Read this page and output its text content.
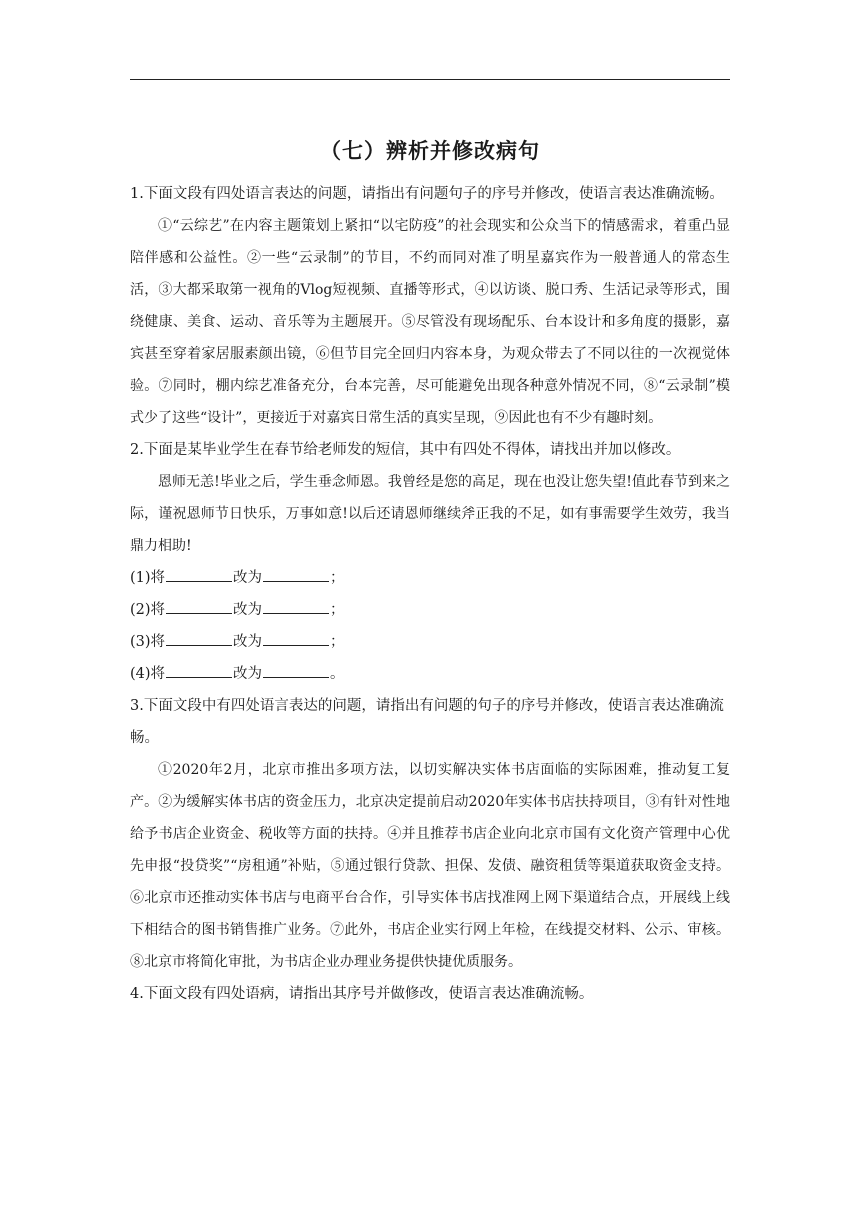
（七）辨析并修改病句

1.下面文段有四处语言表达的问题，请指出有问题句子的序号并修改，使语言表达准确流畅。

①“云综艺”在内容主题策划上紧扣“以宅防疫”的社会现实和公众当下的情感需求，着重凸显陪伴感和公益性。②一些“云录制”的节目，不约而同对准了明星嘉宾作为一般普通人的常态生活，③大都采取第一视角的Vlog短视频、直播等形式，④以访谈、脱口秀、生活记录等形式，围绕健康、美食、运动、音乐等为主题展开。⑤尽管没有现场配乐、台本设计和多角度的摄影，嘉宾甚至穿着家居服素颜出镜，⑥但节目完全回归内容本身，为观众带去了不同以往的一次视觉体验。⑦同时，棚内综艺准备充分，台本完善，尽可能避免出现各种意外情况不同，⑧“云录制”模式少了这些“设计”，更接近于对嘉宾日常生活的真实呈现，⑨因此也有不少有趣时刻。

2.下面是某毕业学生在春节给老师发的短信，其中有四处不得体，请找出并加以修改。

恩师无恙!毕业之后，学生垂念师恩。我曾经是您的高足，现在也没让您失望!值此春节到来之际，谨祝恩师节日快乐，万事如意!以后还请恩师继续斧正我的不足，如有事需要学生效劳，我当鼎力相助!

(1)将	改为	；

(2)将	改为	；

(3)将	改为	；

(4)将	改为	。

3.下面文段中有四处语言表达的问题，请指出有问题的句子的序号并修改，使语言表达准确流畅。

①2020年2月，北京市推出多项方法，以切实解决实体书店面临的实际困难，推动复工复产。②为缓解实体书店的资金压力，北京决定提前启动2020年实体书店扶持项目，③有针对性地给予书店企业资金、税收等方面的扶持。④并且推荐书店企业向北京市国有文化资产管理中心优先申报“投贷奖”“房租通”补贴，⑤通过银行贷款、担保、发债、融资租赁等渠道获取资金支持。⑥北京市还推动实体书店与电商平台合作，引导实体书店找准网上网下渠道结合点，开展线上线下相结合的图书销售推广业务。⑦此外，书店企业实行网上年检，在线提交材料、公示、审核。⑧北京市将简化审批，为书店企业办理业务提供快捷优质服务。

4.下面文段有四处语病，请指出其序号并做修改，使语言表达准确流畅。
